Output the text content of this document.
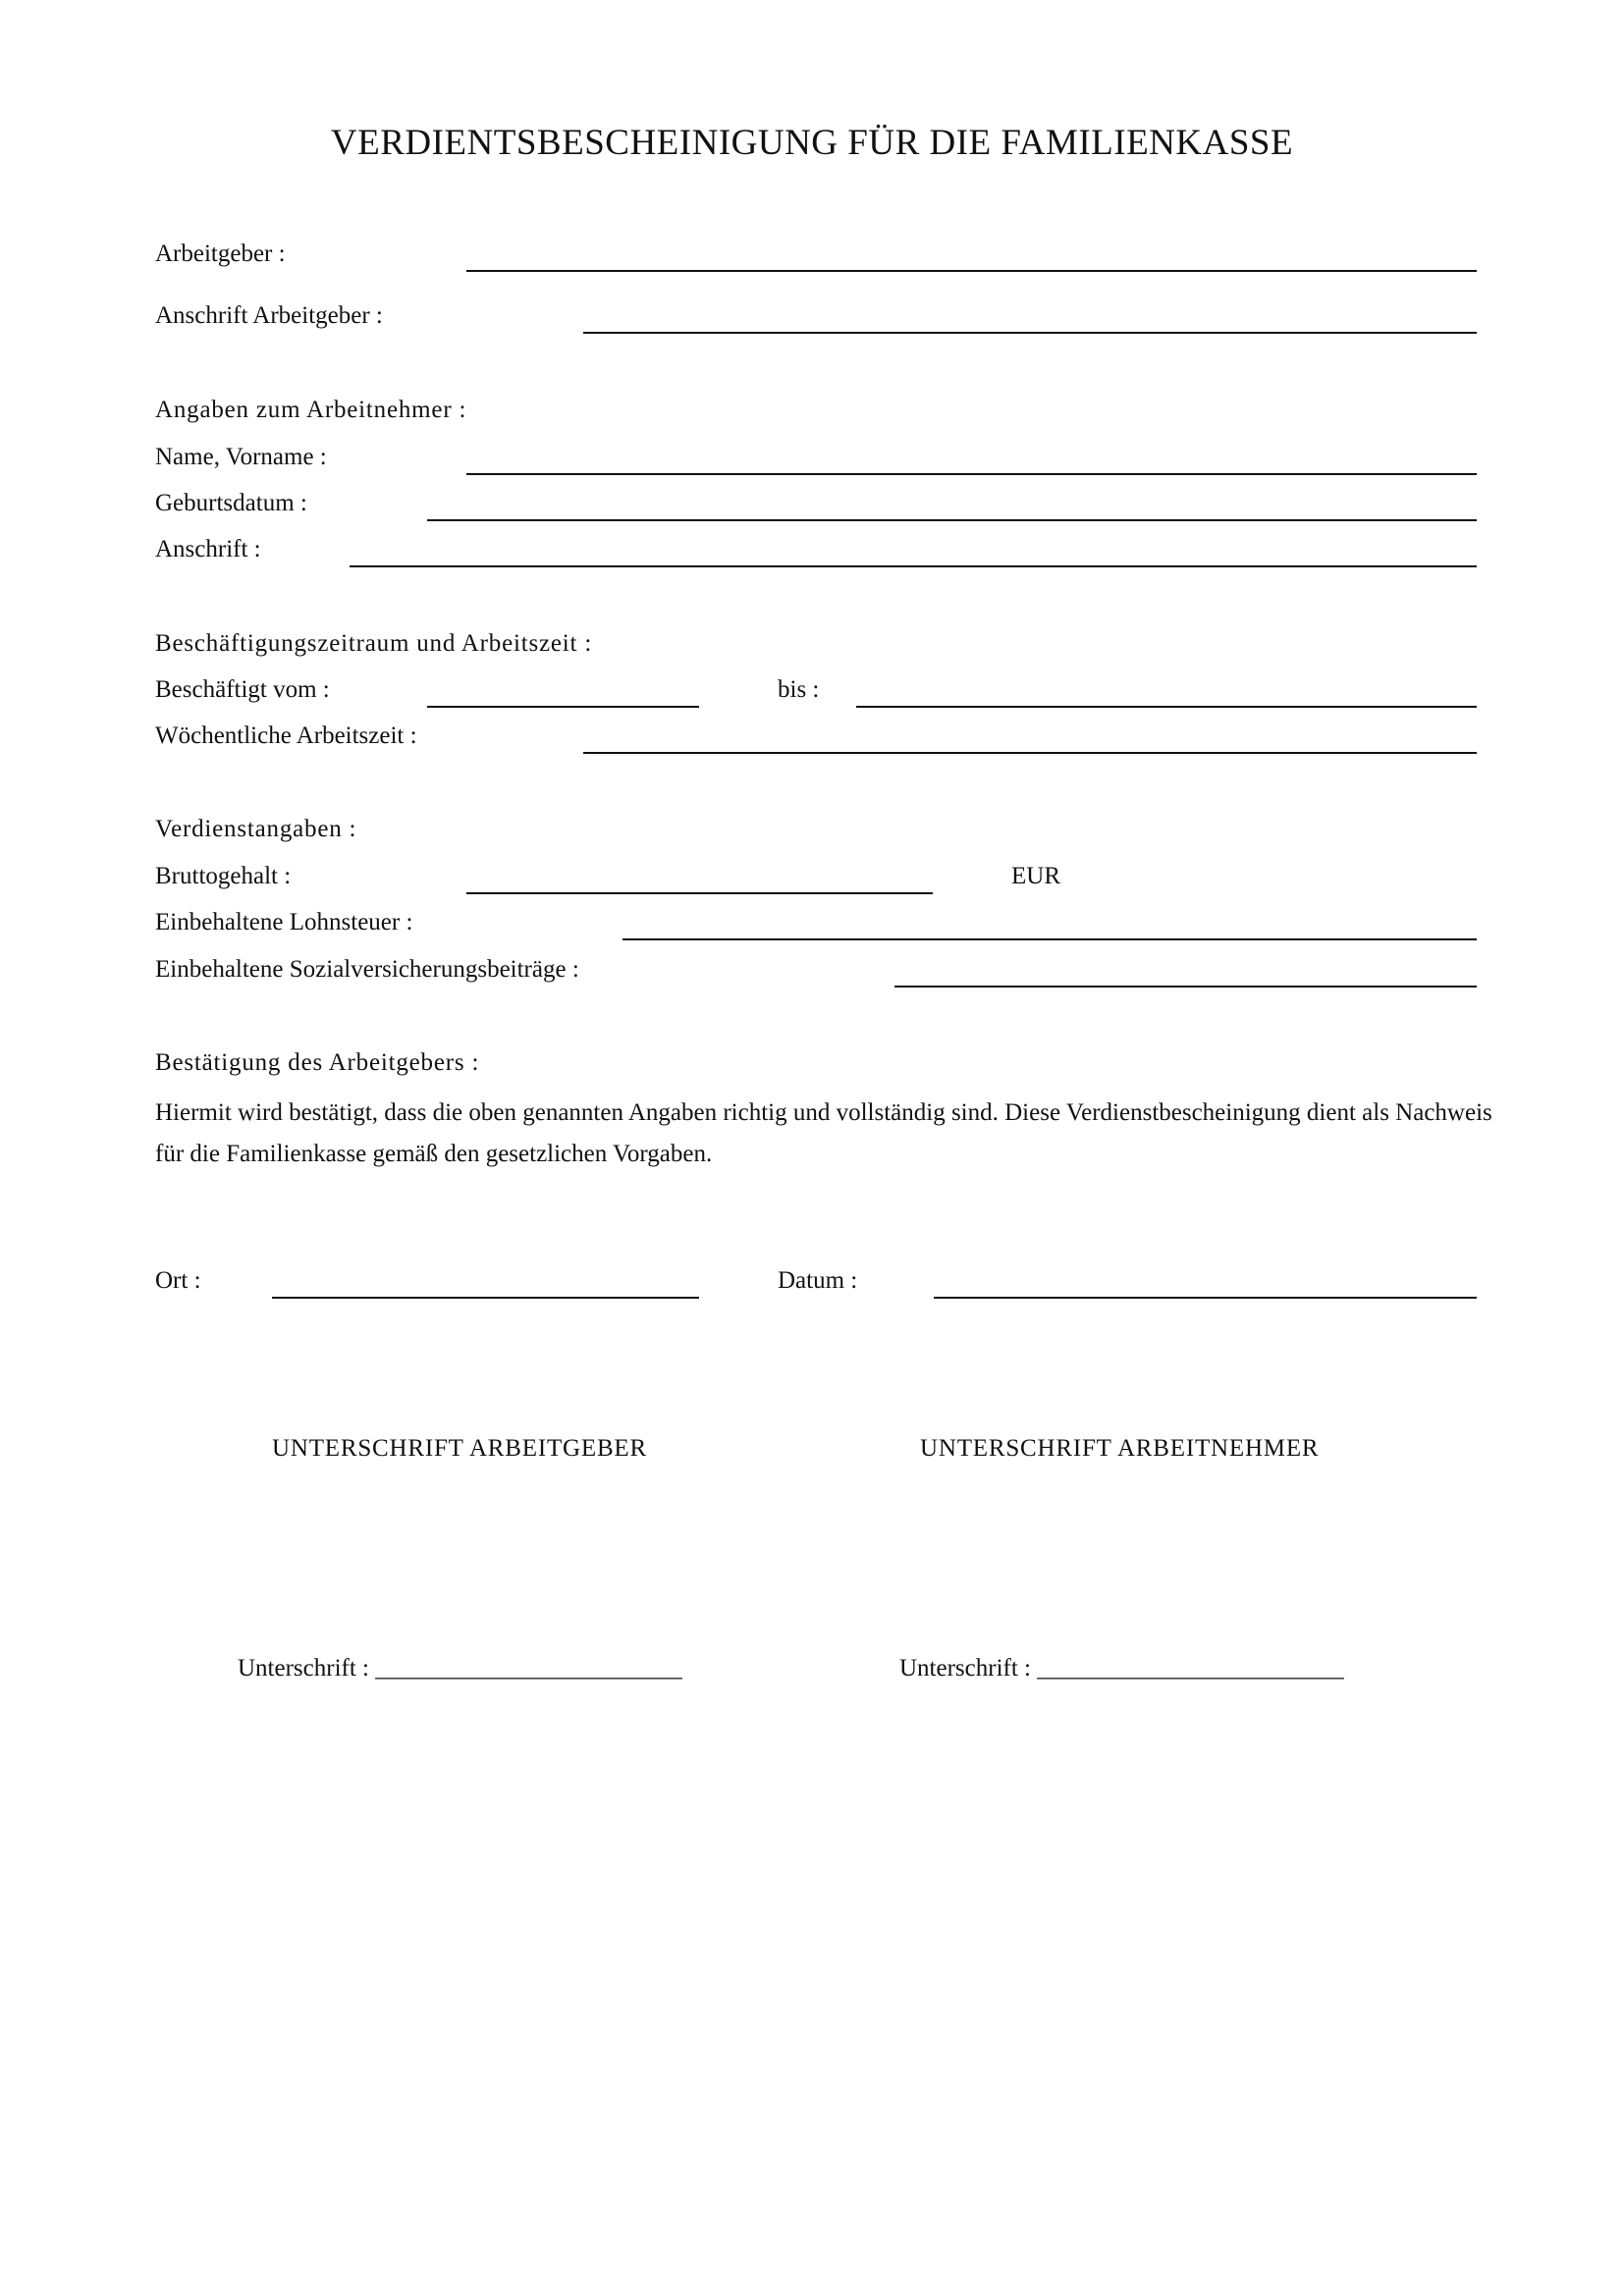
VERDIENTSBESCHEINIGUNG FÜR DIE FAMILIENKASSE
Arbeitgeber :
Anschrift Arbeitgeber :
Angaben zum Arbeitnehmer :
Name, Vorname :
Geburtsdatum :
Anschrift :
Beschäftigungszeitraum und Arbeitszeit :
Beschäftigt vom :	bis :
Wöchentliche Arbeitszeit :
Verdienstangaben :
Bruttogehalt :	EUR
Einbehaltene Lohnsteuer :
Einbehaltene Sozialversicherungsbeiträge :
Bestätigung des Arbeitgebers :
Hiermit wird bestätigt, dass die oben genannten Angaben richtig und vollständig sind. Diese Verdienstbescheinigung dient als Nachweis für die Familienkasse gemäß den gesetzlichen Vorgaben.
Ort :	Datum :
UNTERSCHRIFT ARBEITGEBER	UNTERSCHRIFT ARBEITNEHMER
Unterschrift : _________________________	Unterschrift : _________________________
